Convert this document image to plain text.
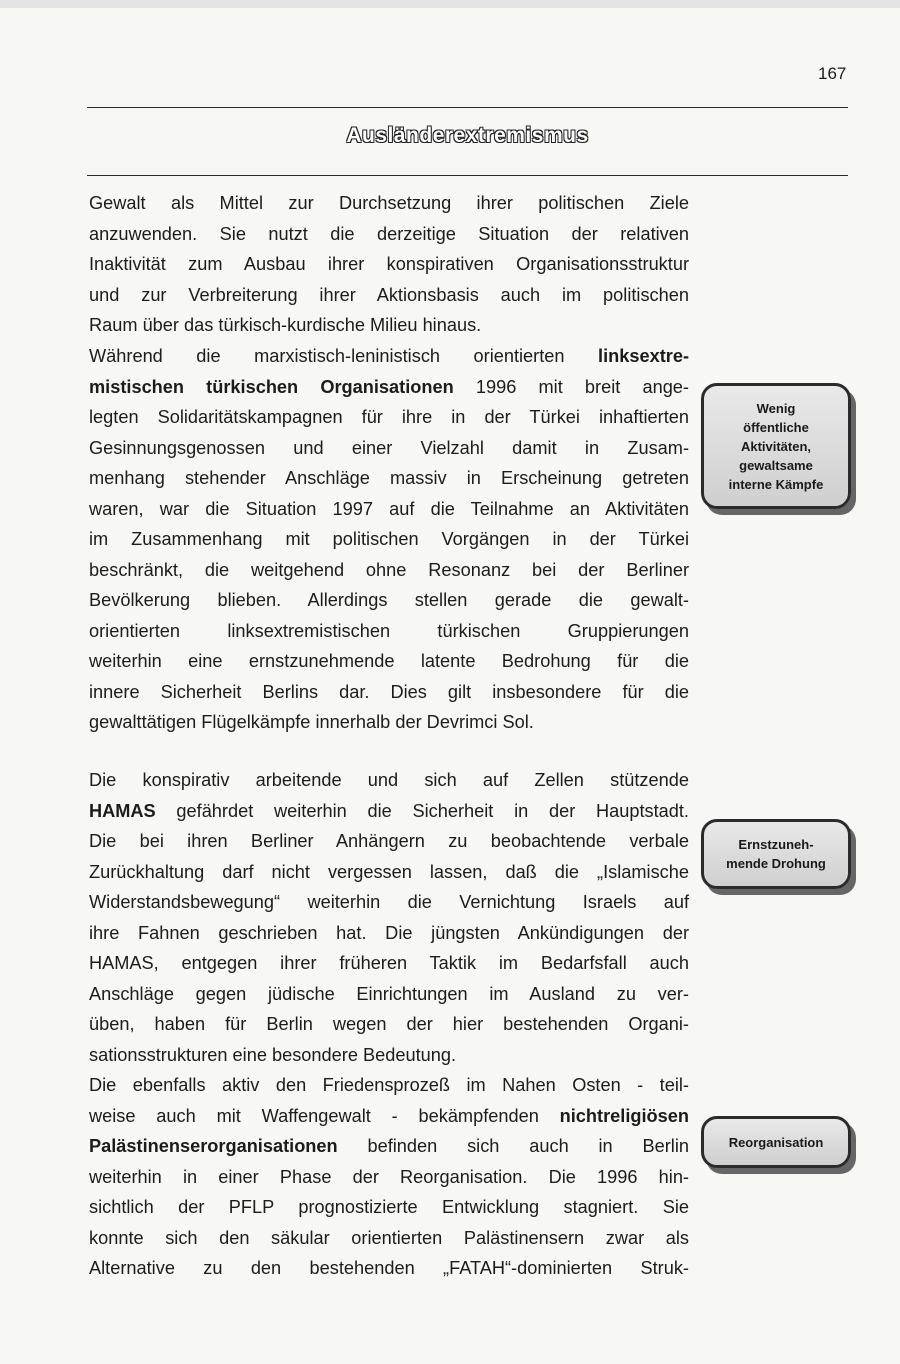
167
Ausländerextremismus
Gewalt als Mittel zur Durchsetzung ihrer politischen Ziele
anzuwenden. Sie nutzt die derzeitige Situation der relativen
Inaktivität zum Ausbau ihrer konspirativen Organisationsstruktur
und zur Verbreiterung ihrer Aktionsbasis auch im politischen
Raum über das türkisch-kurdische Milieu hinaus.
Während die marxistisch-leninistisch orientierten linksextre-
mistischen türkischen Organisationen 1996 mit breit ange-
legten Solidaritätskampagnen für ihre in der Türkei inhaftierten
Gesinnungsgenossen und einer Vielzahl damit in Zusam-
menhang stehender Anschläge massiv in Erscheinung getreten
waren, war die Situation 1997 auf die Teilnahme an Aktivitäten
im Zusammenhang mit politischen Vorgängen in der Türkei
beschränkt, die weitgehend ohne Resonanz bei der Berliner
Bevölkerung blieben. Allerdings stellen gerade die gewalt-
orientierten linksextremistischen türkischen Gruppierungen
weiterhin eine ernstzunehmende latente Bedrohung für die
innere Sicherheit Berlins dar. Dies gilt insbesondere für die
gewalttätigen Flügelkämpfe innerhalb der Devrimci Sol.
Die konspirativ arbeitende und sich auf Zellen stützende
HAMAS gefährdet weiterhin die Sicherheit in der Hauptstadt.
Die bei ihren Berliner Anhängern zu beobachtende verbale
Zurückhaltung darf nicht vergessen lassen, daß die „Islamische
Widerstandsbewegung“ weiterhin die Vernichtung Israels auf
ihre Fahnen geschrieben hat. Die jüngsten Ankündigungen der
HAMAS, entgegen ihrer früheren Taktik im Bedarfsfall auch
Anschläge gegen jüdische Einrichtungen im Ausland zu ver-
üben, haben für Berlin wegen der hier bestehenden Organi-
sationsstrukturen eine besondere Bedeutung.
Die ebenfalls aktiv den Friedensprozeß im Nahen Osten - teil-
weise auch mit Waffengewalt - bekämpfenden nichtreligiösen
Palästinenserorganisationen befinden sich auch in Berlin
weiterhin in einer Phase der Reorganisation. Die 1996 hin-
sichtlich der PFLP prognostizierte Entwicklung stagniert. Sie
konnte sich den säkular orientierten Palästinensern zwar als
Alternative zu den bestehenden „FATAH“-dominierten Struk-
Wenig
öffentliche
Aktivitäten,
gewaltsame
interne Kämpfe
Ernstzuneh-
mende Drohung
Reorganisation
